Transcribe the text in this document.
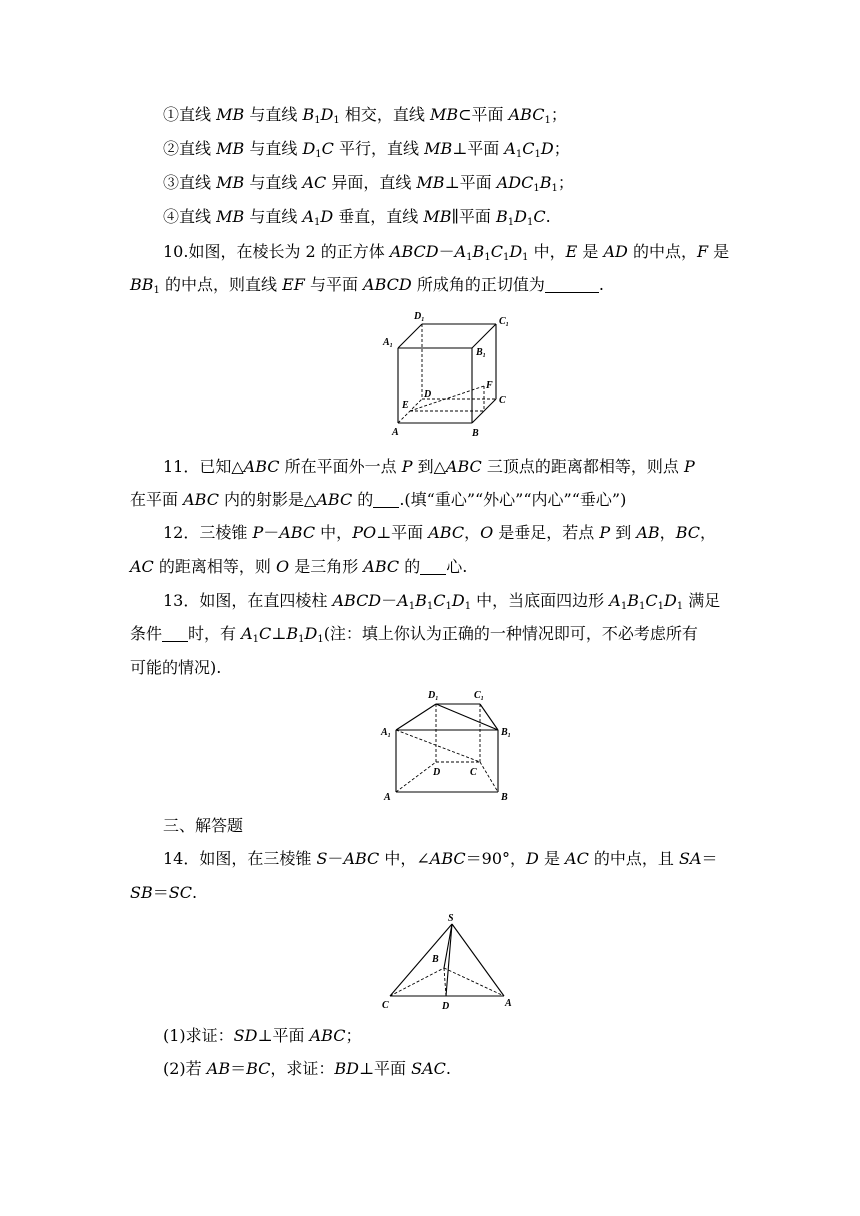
①直线 MB 与直线 $B_1D_1$ 相交，直线 MB⊂平面 $ABC_1$；
②直线 MB 与直线 $D_1C$ 平行，直线 MB⊥平面 $A_1C_1D$；
③直线 MB 与直线 AC 异面，直线 MB⊥平面 $ADC_1B_1$；
④直线 MB 与直线 $A_1D$ 垂直，直线 MB∥平面 $B_1D_1C$.
10.如图，在棱长为 2 的正方体 $ABCD-A_1B_1C_1D_1$ 中，E 是 AD 的中点，F 是
$BB_1$ 的中点，则直线 EF 与平面 ABCD 所成角的正切值为	.
$D_1$	$C_1$
$A_1$
$B_1$
F
D
E	C
A	B
11．已知△ABC 所在平面外一点 P 到△ABC 三顶点的距离都相等，则点 P
在平面 ABC 内的射影是△ABC 的 .(填“重心”“外心”“内心”“垂心”)
12．三棱锥 P－ABC 中，PO⊥平面 ABC，O 是垂足，若点 P 到 AB，BC，
AC 的距离相等，则 O 是三角形 ABC 的 心.
13．如图，在直四棱柱 $ABCD-A_1B_1C_1D_1$ 中，当底面四边形 $A_1B_1C_1D_1$ 满足
条件 时，有 $A_1C\perp B_1D_1$(注：填上你认为正确的一种情况即可，不必考虑所有
可能的情况).
$D_1$	$C_1$
$A_1$	$B_1$
D	C
A	B
三、解答题
14．如图，在三棱锥 S－ABC 中，∠ABC＝90°，D 是 AC 的中点，且 SA＝
SB＝SC.
S
B
C	D	A
(1)求证：SD⊥平面 ABC；
(2)若 AB＝BC，求证：BD⊥平面 SAC.
